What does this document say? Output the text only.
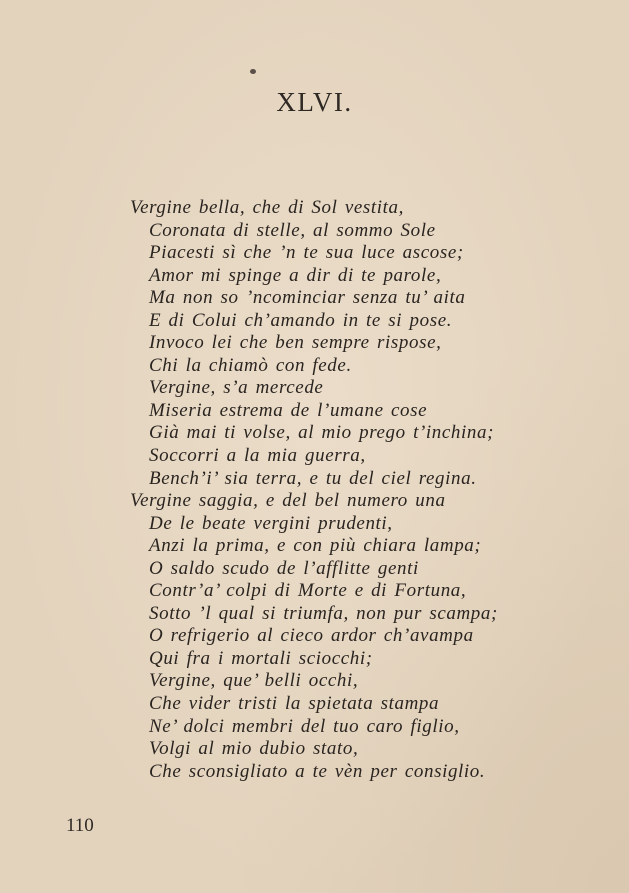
XLVI.
Vergine bella, che di Sol vestita,
Coronata di stelle, al sommo Sole
Piacesti sì che ’n te sua luce ascose;
Amor mi spinge a dir di te parole,
Ma non so ’ncominciar senza tu’ aita
E di Colui ch’amando in te si pose.
Invoco lei che ben sempre rispose,
Chi la chiamò con fede.
Vergine, s’a mercede
Miseria estrema de l’umane cose
Già mai ti volse, al mio prego t’inchina;
Soccorri a la mia guerra,
Bench’i’ sia terra, e tu del ciel regina.
Vergine saggia, e del bel numero una
De le beate vergini prudenti,
Anzi la prima, e con più chiara lampa;
O saldo scudo de l’afflitte genti
Contr’a’ colpi di Morte e di Fortuna,
Sotto ’l qual si triumfa, non pur scampa;
O refrigerio al cieco ardor ch’avampa
Qui fra i mortali sciocchi;
Vergine, que’ belli occhi,
Che vider tristi la spietata stampa
Ne’ dolci membri del tuo caro figlio,
Volgi al mio dubio stato,
Che sconsigliato a te vèn per consiglio.
110
